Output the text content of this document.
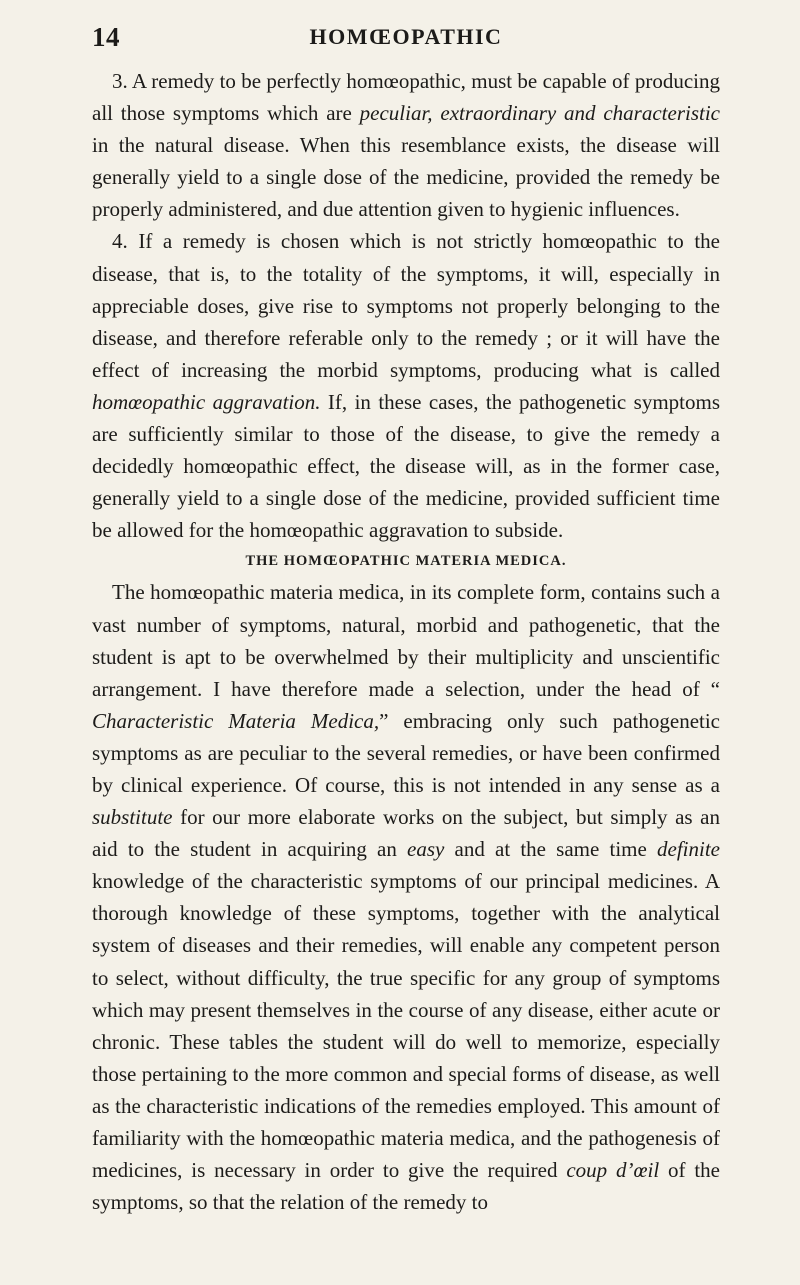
14	HOMŒOPATHIC

3. A remedy to be perfectly homœopathic, must be capable of producing all those symptoms which are peculiar, extraordinary and characteristic in the natural disease. When this resemblance exists, the disease will generally yield to a single dose of the medicine, provided the remedy be properly administered, and due attention given to hygienic influences.

4. If a remedy is chosen which is not strictly homœopathic to the disease, that is, to the totality of the symptoms, it will, especially in appreciable doses, give rise to symptoms not properly belonging to the disease, and therefore referable only to the remedy ; or it will have the effect of increasing the morbid symptoms, producing what is called homœopathic aggravation. If, in these cases, the pathogenetic symptoms are sufficiently similar to those of the disease, to give the remedy a decidedly homœopathic effect, the disease will, as in the former case, generally yield to a single dose of the medicine, provided sufficient time be allowed for the homœopathic aggravation to subside.

THE HOMŒOPATHIC MATERIA MEDICA.

The homœopathic materia medica, in its complete form, contains such a vast number of symptoms, natural, morbid and pathogenetic, that the student is apt to be overwhelmed by their multiplicity and unscientific arrangement. I have therefore made a selection, under the head of “ Characteristic Materia Medica,” embracing only such pathogenetic symptoms as are peculiar to the several remedies, or have been confirmed by clinical experience. Of course, this is not intended in any sense as a substitute for our more elaborate works on the subject, but simply as an aid to the student in acquiring an easy and at the same time definite knowledge of the characteristic symptoms of our principal medicines. A thorough knowledge of these symptoms, together with the analytical system of diseases and their remedies, will enable any competent person to select, without difficulty, the true specific for any group of symptoms which may present themselves in the course of any disease, either acute or chronic. These tables the student will do well to memorize, especially those pertaining to the more common and special forms of disease, as well as the characteristic indications of the remedies employed. This amount of familiarity with the homœopathic materia medica, and the pathogenesis of medicines, is necessary in order to give the required coup d’œil of the symptoms, so that the relation of the remedy to
